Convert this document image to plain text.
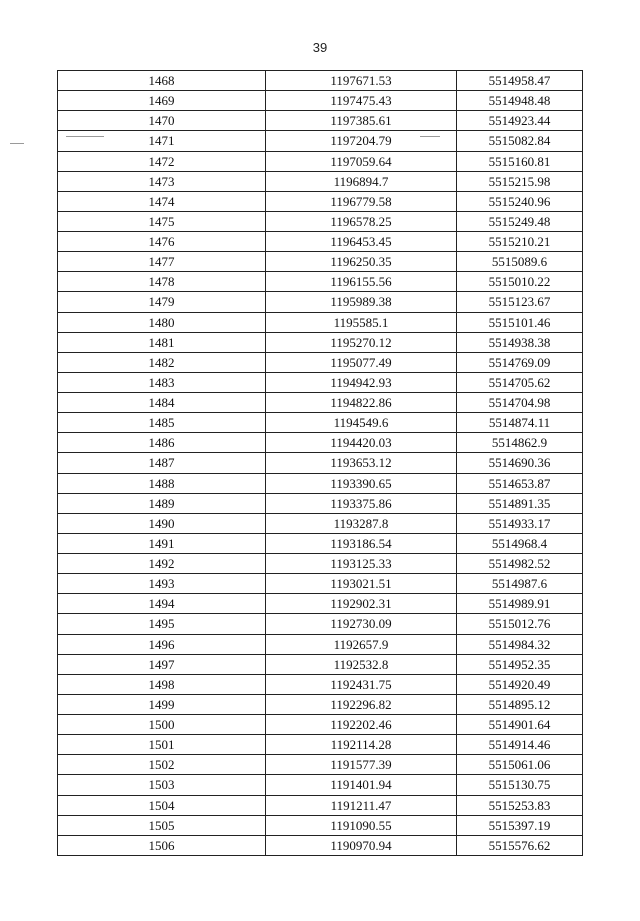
39
1468	1197671.53	5514958.47
1469	1197475.43	5514948.48
1470	1197385.61	5514923.44
1471	1197204.79	5515082.84
1472	1197059.64	5515160.81
1473	1196894.7	5515215.98
1474	1196779.58	5515240.96
1475	1196578.25	5515249.48
1476	1196453.45	5515210.21
1477	1196250.35	5515089.6
1478	1196155.56	5515010.22
1479	1195989.38	5515123.67
1480	1195585.1	5515101.46
1481	1195270.12	5514938.38
1482	1195077.49	5514769.09
1483	1194942.93	5514705.62
1484	1194822.86	5514704.98
1485	1194549.6	5514874.11
1486	1194420.03	5514862.9
1487	1193653.12	5514690.36
1488	1193390.65	5514653.87
1489	1193375.86	5514891.35
1490	1193287.8	5514933.17
1491	1193186.54	5514968.4
1492	1193125.33	5514982.52
1493	1193021.51	5514987.6
1494	1192902.31	5514989.91
1495	1192730.09	5515012.76
1496	1192657.9	5514984.32
1497	1192532.8	5514952.35
1498	1192431.75	5514920.49
1499	1192296.82	5514895.12
1500	1192202.46	5514901.64
1501	1192114.28	5514914.46
1502	1191577.39	5515061.06
1503	1191401.94	5515130.75
1504	1191211.47	5515253.83
1505	1191090.55	5515397.19
1506	1190970.94	5515576.62
